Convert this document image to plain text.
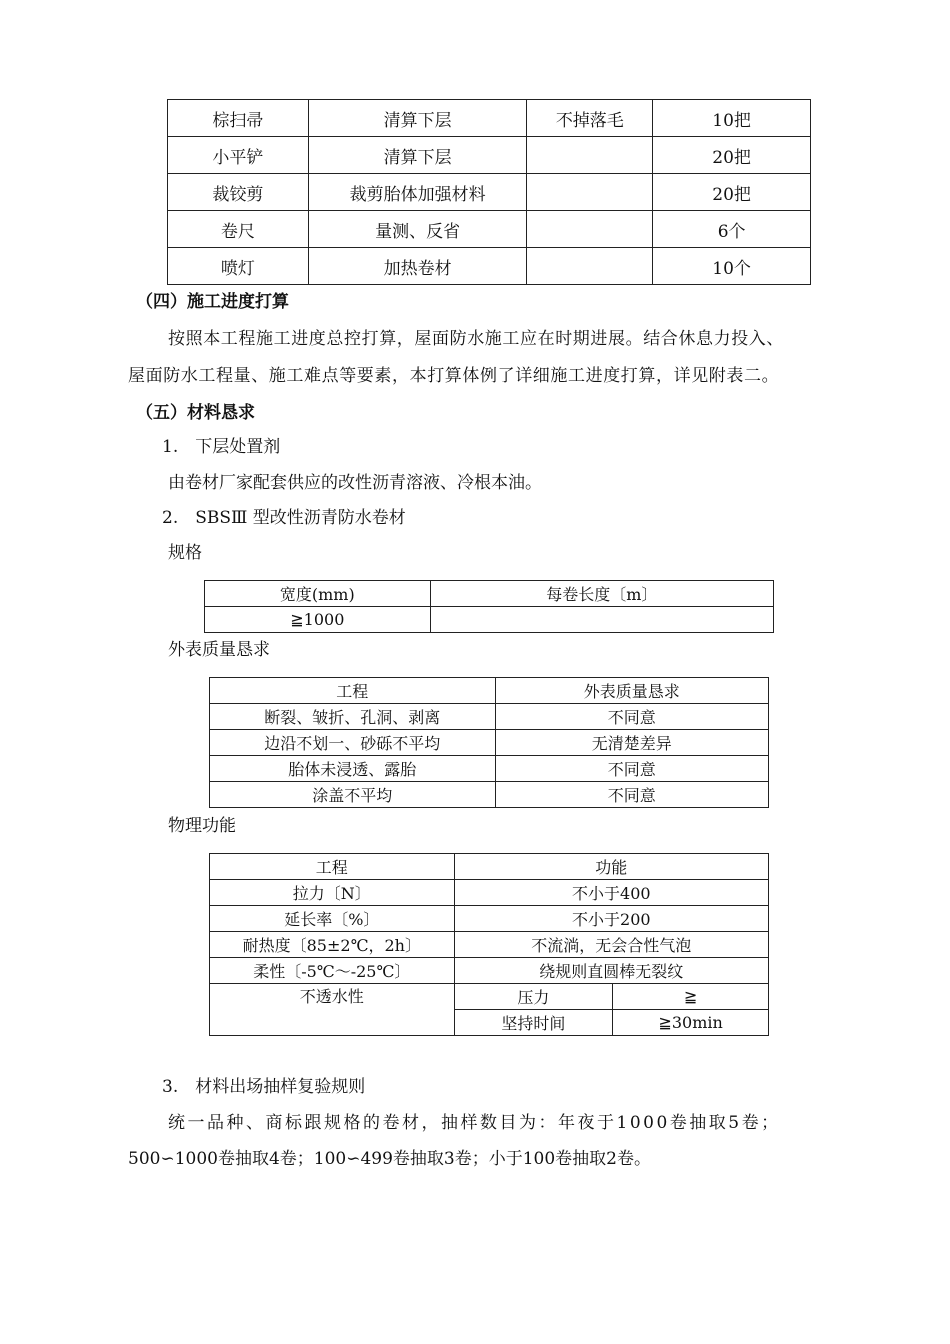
棕扫帚	清算下层	不掉落毛	10把
小平铲	清算下层		20把
裁铰剪	裁剪胎体加强材料		20把
卷尺	量测、反省		6个
喷灯	加热卷材		10个
（四）施工进度打算
按照本工程施工进度总控打算，屋面防水施工应在时期进展。结合休息力投入、
屋面防水工程量、施工难点等要素，本打算体例了详细施工进度打算，详见附表二。
（五）材料恳求
1.　下层处置剂
由卷材厂家配套供应的改性沥青溶液、冷根本油。
2.　SBSⅢ 型改性沥青防水卷材
规格
宽度(mm)	每卷长度〔m〕
≧1000	
外表质量恳求
工程	外表质量恳求
断裂、皱折、孔洞、剥离	不同意
边沿不划一、砂砾不平均	无清楚差异
胎体未浸透、露胎	不同意
涂盖不平均	不同意
物理功能
工程	功能	
拉力〔N〕	不小于400	
延长率〔%〕	不小于200	
耐热度〔85±2℃，2h〕	不流淌，无会合性气泡	
柔性〔-5℃～-25℃〕	绕规则直圆棒无裂纹	
不透水性	压力	≧
	坚持时间	≧30min
3.　材料出场抽样复验规则
统一品种、商标跟规格的卷材，抽样数目为：年夜于1000卷抽取5卷；
500∽1000卷抽取4卷；100∽499卷抽取3卷；小于100卷抽取2卷。
